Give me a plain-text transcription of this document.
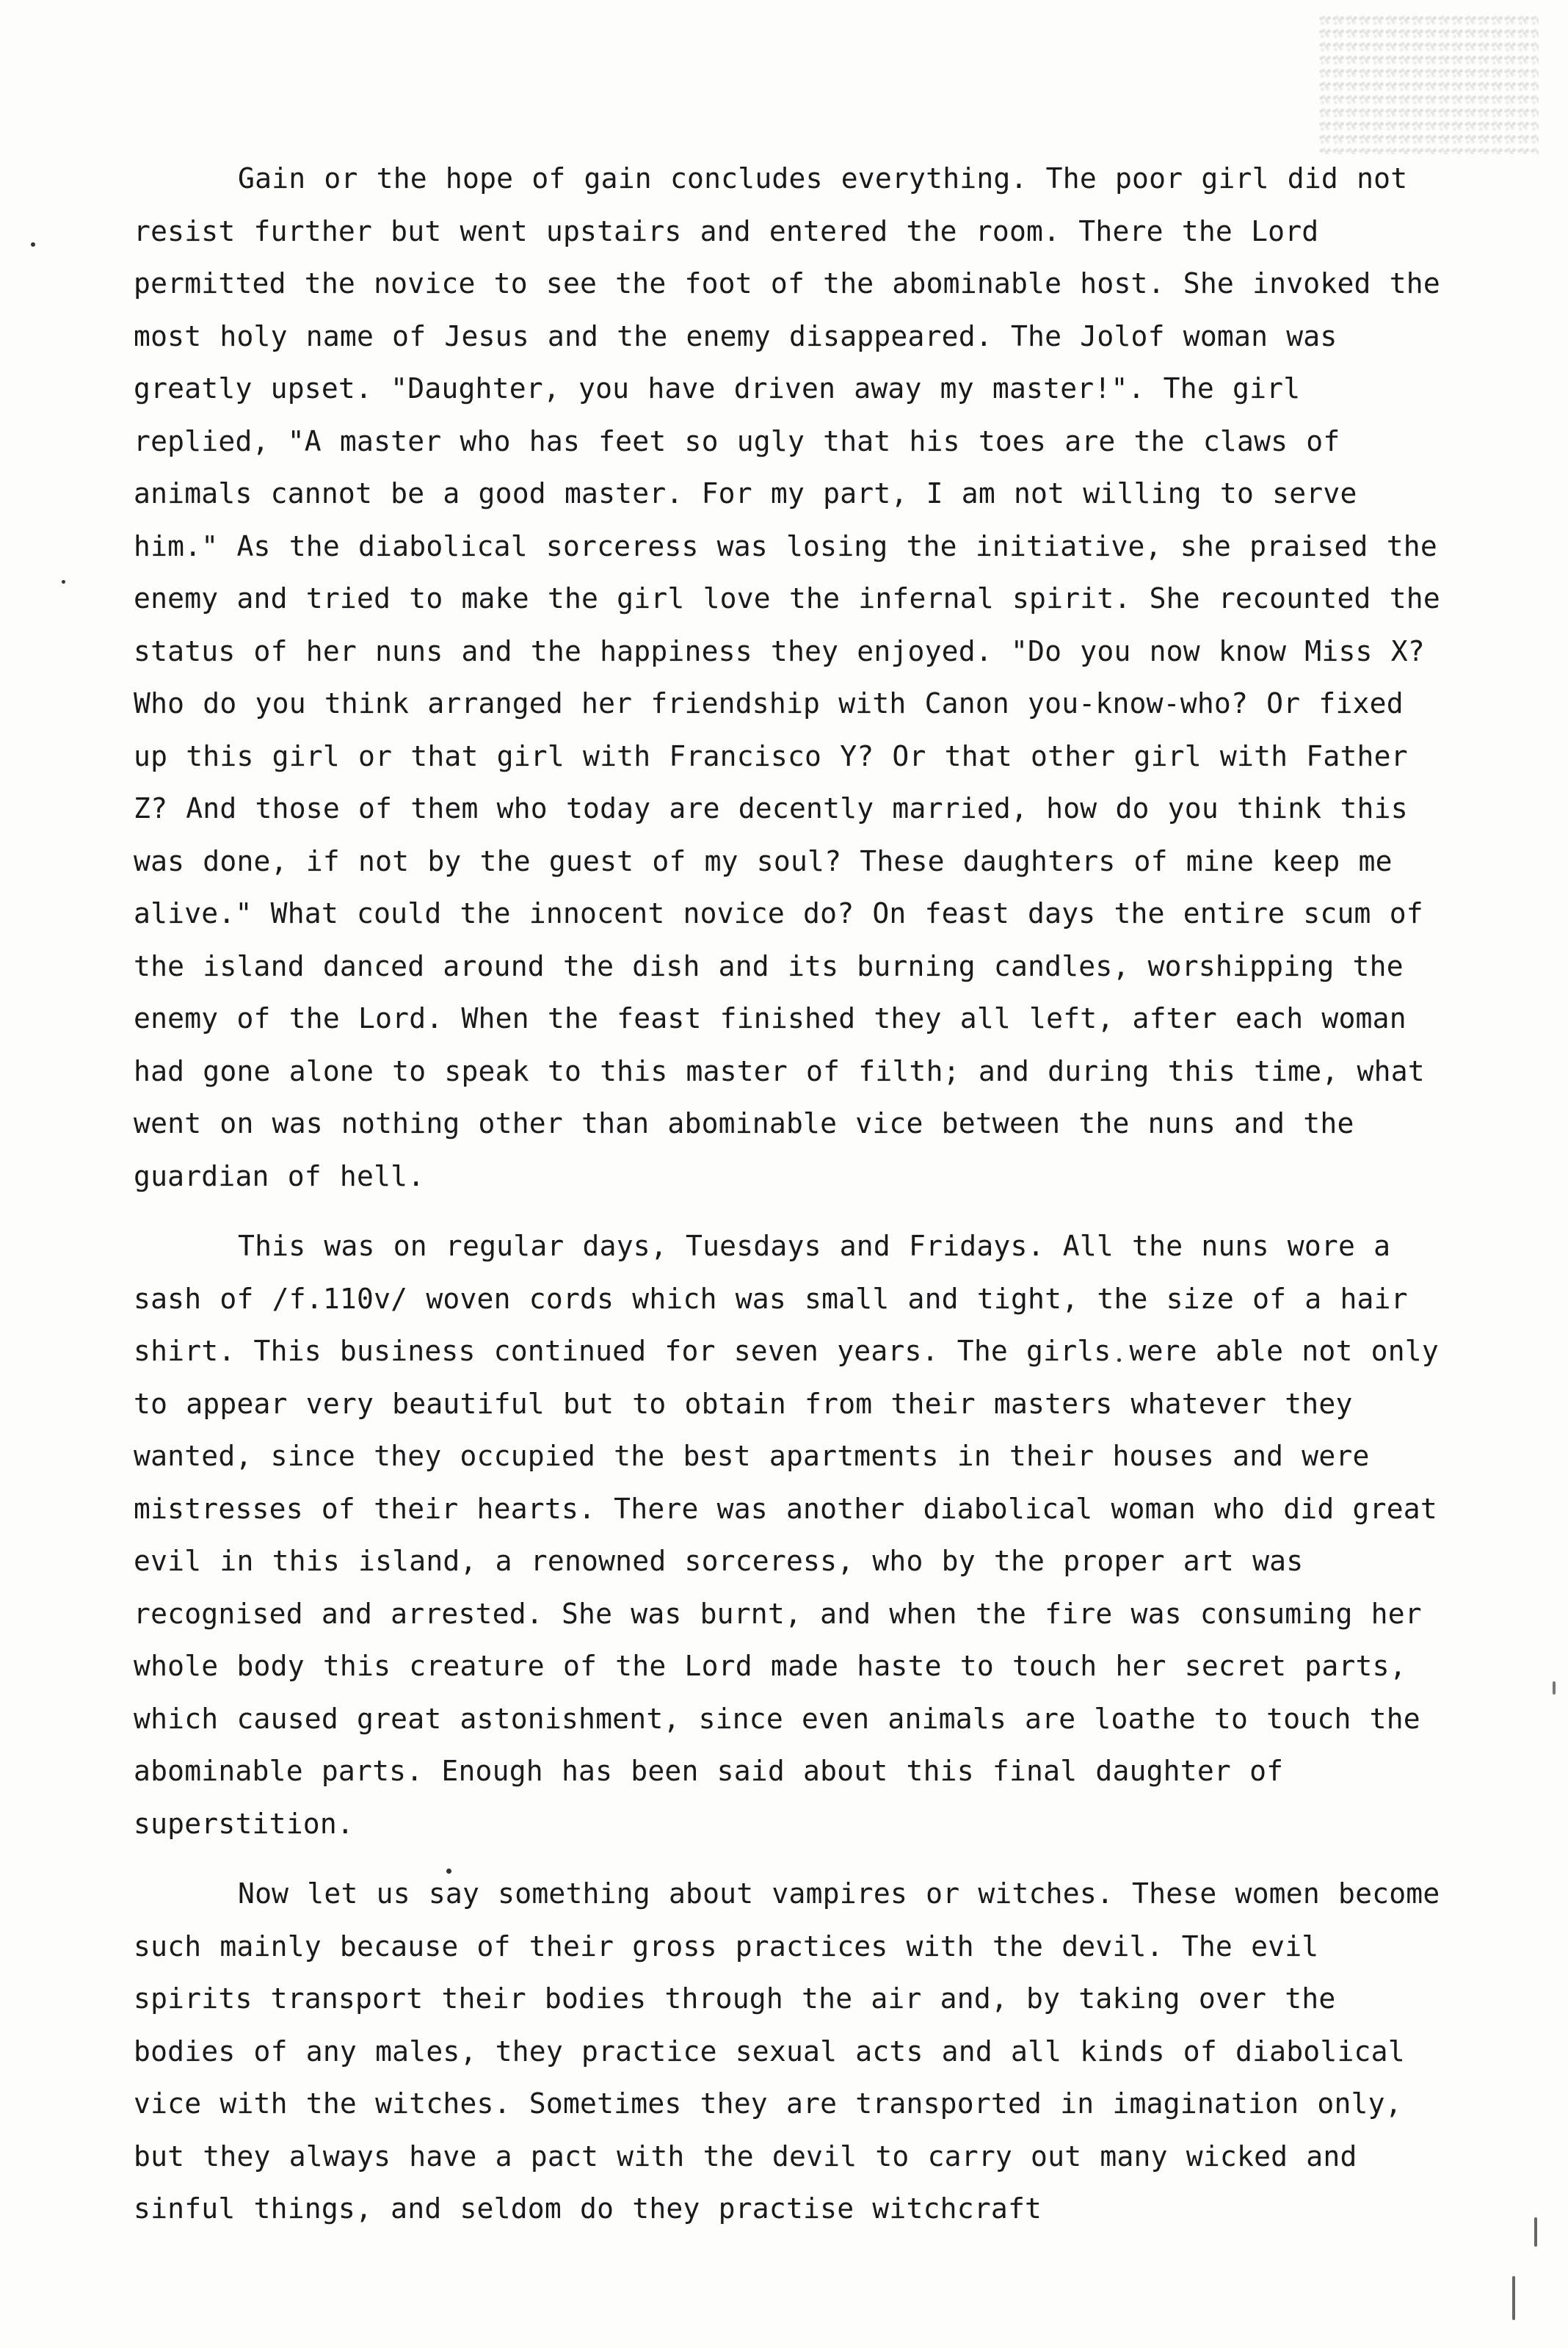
Gain or the hope of gain concludes everything. The poor girl did not resist further but went upstairs and entered the room. There the Lord permitted the novice to see the foot of the abominable host. She invoked the most holy name of Jesus and the enemy disappeared. The Jolof woman was greatly upset. "Daughter, you have driven away my master!". The girl replied, "A master who has feet so ugly that his toes are the claws of animals cannot be a good master. For my part, I am not willing to serve him." As the diabolical sorceress was losing the initiative, she praised the enemy and tried to make the girl love the infernal spirit. She recounted the status of her nuns and the happiness they enjoyed. "Do you now know Miss X? Who do you think arranged her friendship with Canon you-know-who? Or fixed up this girl or that girl with Francisco Y? Or that other girl with Father Z? And those of them who today are decently married, how do you think this was done, if not by the guest of my soul? These daughters of mine keep me alive." What could the innocent novice do? On feast days the entire scum of the island danced around the dish and its burning candles, worshipping the enemy of the Lord. When the feast finished they all left, after each woman had gone alone to speak to this master of filth; and during this time, what went on was nothing other than abominable vice between the nuns and the guardian of hell.

This was on regular days, Tuesdays and Fridays. All the nuns wore a sash of /f.110v/ woven cords which was small and tight, the size of a hair shirt. This business continued for seven years. The girls were able not only to appear very beautiful but to obtain from their masters whatever they wanted, since they occupied the best apartments in their houses and were mistresses of their hearts. There was another diabolical woman who did great evil in this island, a renowned sorceress, who by the proper art was recognised and arrested. She was burnt, and when the fire was consuming her whole body this creature of the Lord made haste to touch her secret parts, which caused great astonishment, since even animals are loathe to touch the abominable parts. Enough has been said about this final daughter of superstition.

Now let us say something about vampires or witches. These women become such mainly because of their gross practices with the devil. The evil spirits transport their bodies through the air and, by taking over the bodies of any males, they practice sexual acts and all kinds of diabolical vice with the witches. Sometimes they are transported in imagination only, but they always have a pact with the devil to carry out many wicked and sinful things, and seldom do they practise witchcraft
